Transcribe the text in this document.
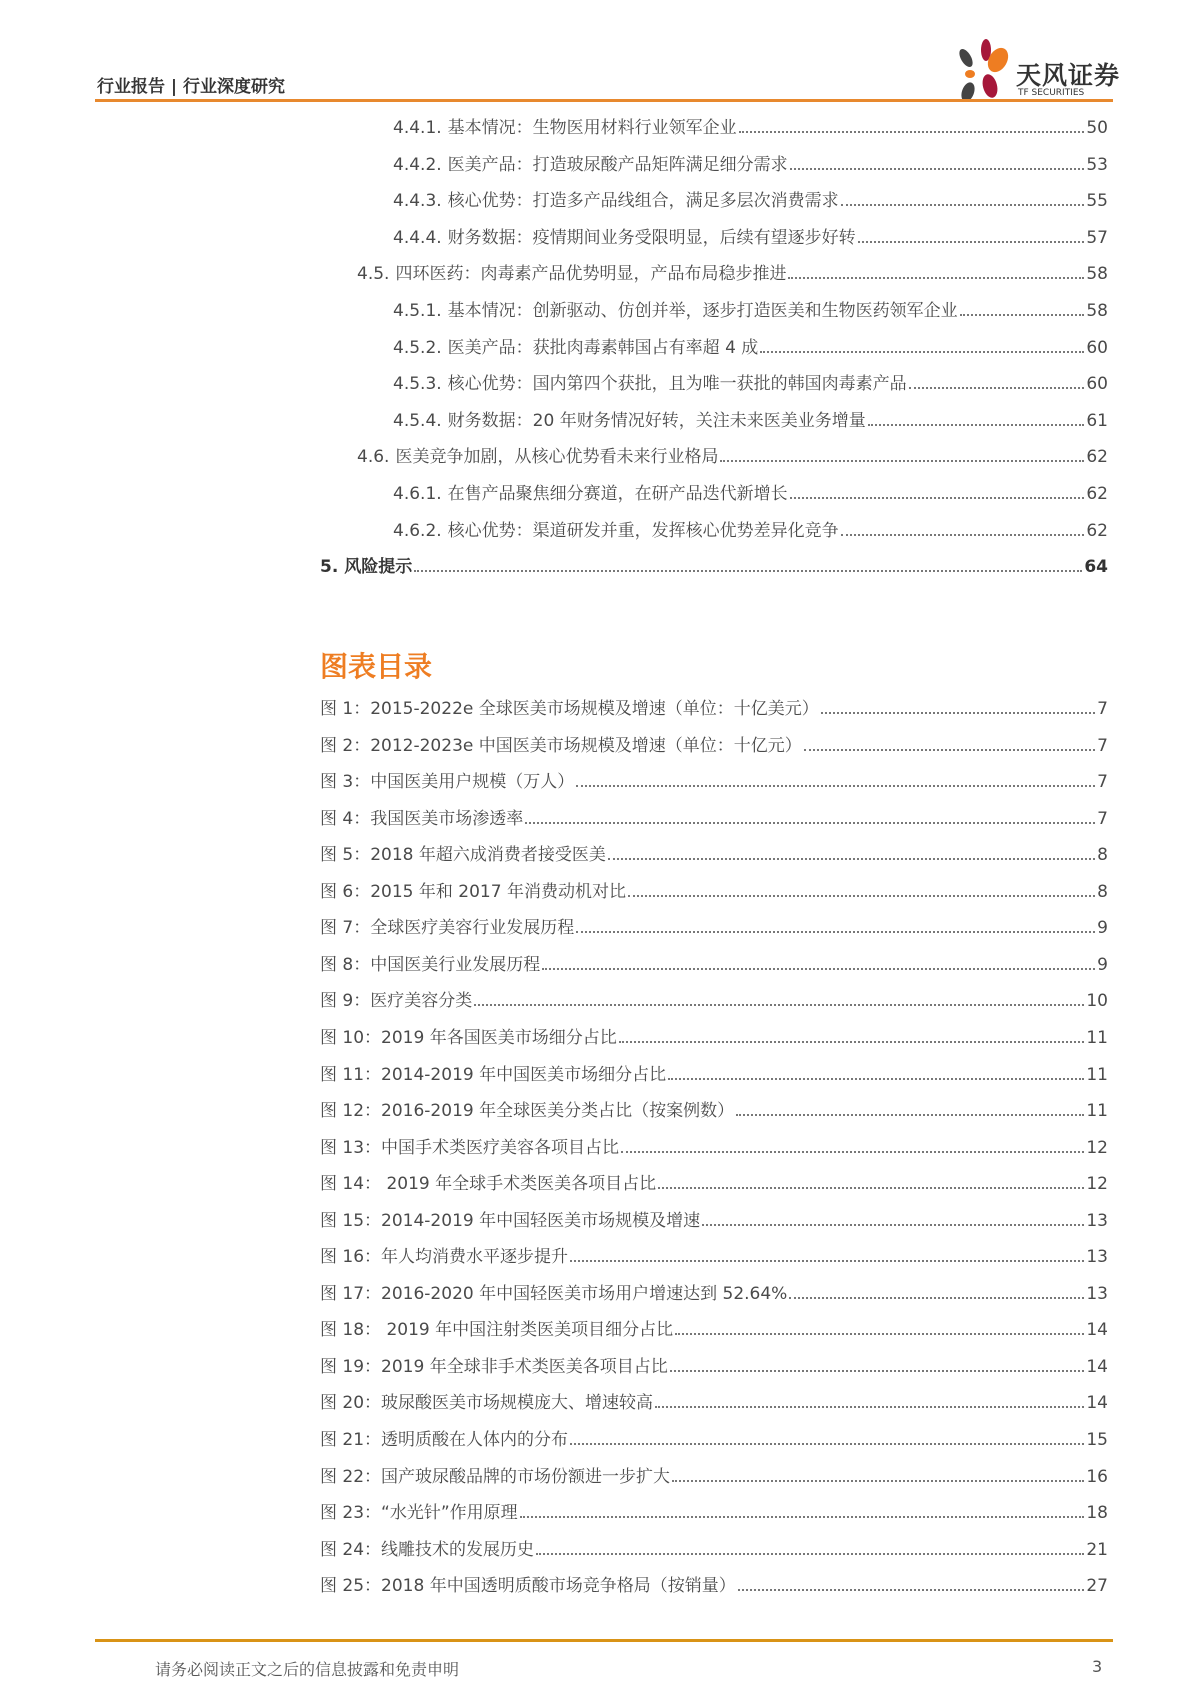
行业报告 | 行业深度研究	天风证券
TF SECURITIES
图表目录
请务必阅读正文之后的信息披露和免责申明	3
4.4.1. 基本情况：生物医用材料行业领军企业	50
4.4.2. 医美产品：打造玻尿酸产品矩阵满足细分需求	53
4.4.3. 核心优势：打造多产品线组合，满足多层次消费需求	55
4.4.4. 财务数据：疫情期间业务受限明显，后续有望逐步好转	57
4.5. 四环医药：肉毒素产品优势明显，产品布局稳步推进	58
4.5.1. 基本情况：创新驱动、仿创并举，逐步打造医美和生物医药领军企业	58
4.5.2. 医美产品：获批肉毒素韩国占有率超 4 成	60
4.5.3. 核心优势：国内第四个获批，且为唯一获批的韩国肉毒素产品	60
4.5.4. 财务数据：20 年财务情况好转，关注未来医美业务增量	61
4.6. 医美竞争加剧，从核心优势看未来行业格局	62
4.6.1. 在售产品聚焦细分赛道，在研产品迭代新增长	62
4.6.2. 核心优势：渠道研发并重，发挥核心优势差异化竞争	62
5. 风险提示	64
图 1：2015-2022e 全球医美市场规模及增速（单位：十亿美元）	7
图 2：2012-2023e 中国医美市场规模及增速（单位：十亿元）	7
图 3：中国医美用户规模（万人）	7
图 4：我国医美市场渗透率	7
图 5：2018 年超六成消费者接受医美	8
图 6：2015 年和 2017 年消费动机对比	8
图 7：全球医疗美容行业发展历程	9
图 8：中国医美行业发展历程	9
图 9：医疗美容分类	10
图 10：2019 年各国医美市场细分占比	11
图 11：2014-2019 年中国医美市场细分占比	11
图 12：2016-2019 年全球医美分类占比（按案例数）	11
图 13：中国手术类医疗美容各项目占比	12
图 14： 2019 年全球手术类医美各项目占比	12
图 15：2014-2019 年中国轻医美市场规模及增速	13
图 16：年人均消费水平逐步提升	13
图 17：2016-2020 年中国轻医美市场用户增速达到 52.64%	13
图 18： 2019 年中国注射类医美项目细分占比	14
图 19：2019 年全球非手术类医美各项目占比	14
图 20：玻尿酸医美市场规模庞大、增速较高	14
图 21：透明质酸在人体内的分布	15
图 22：国产玻尿酸品牌的市场份额进一步扩大	16
图 23：“水光针”作用原理	18
图 24：线雕技术的发展历史	21
图 25：2018 年中国透明质酸市场竞争格局（按销量）	27
